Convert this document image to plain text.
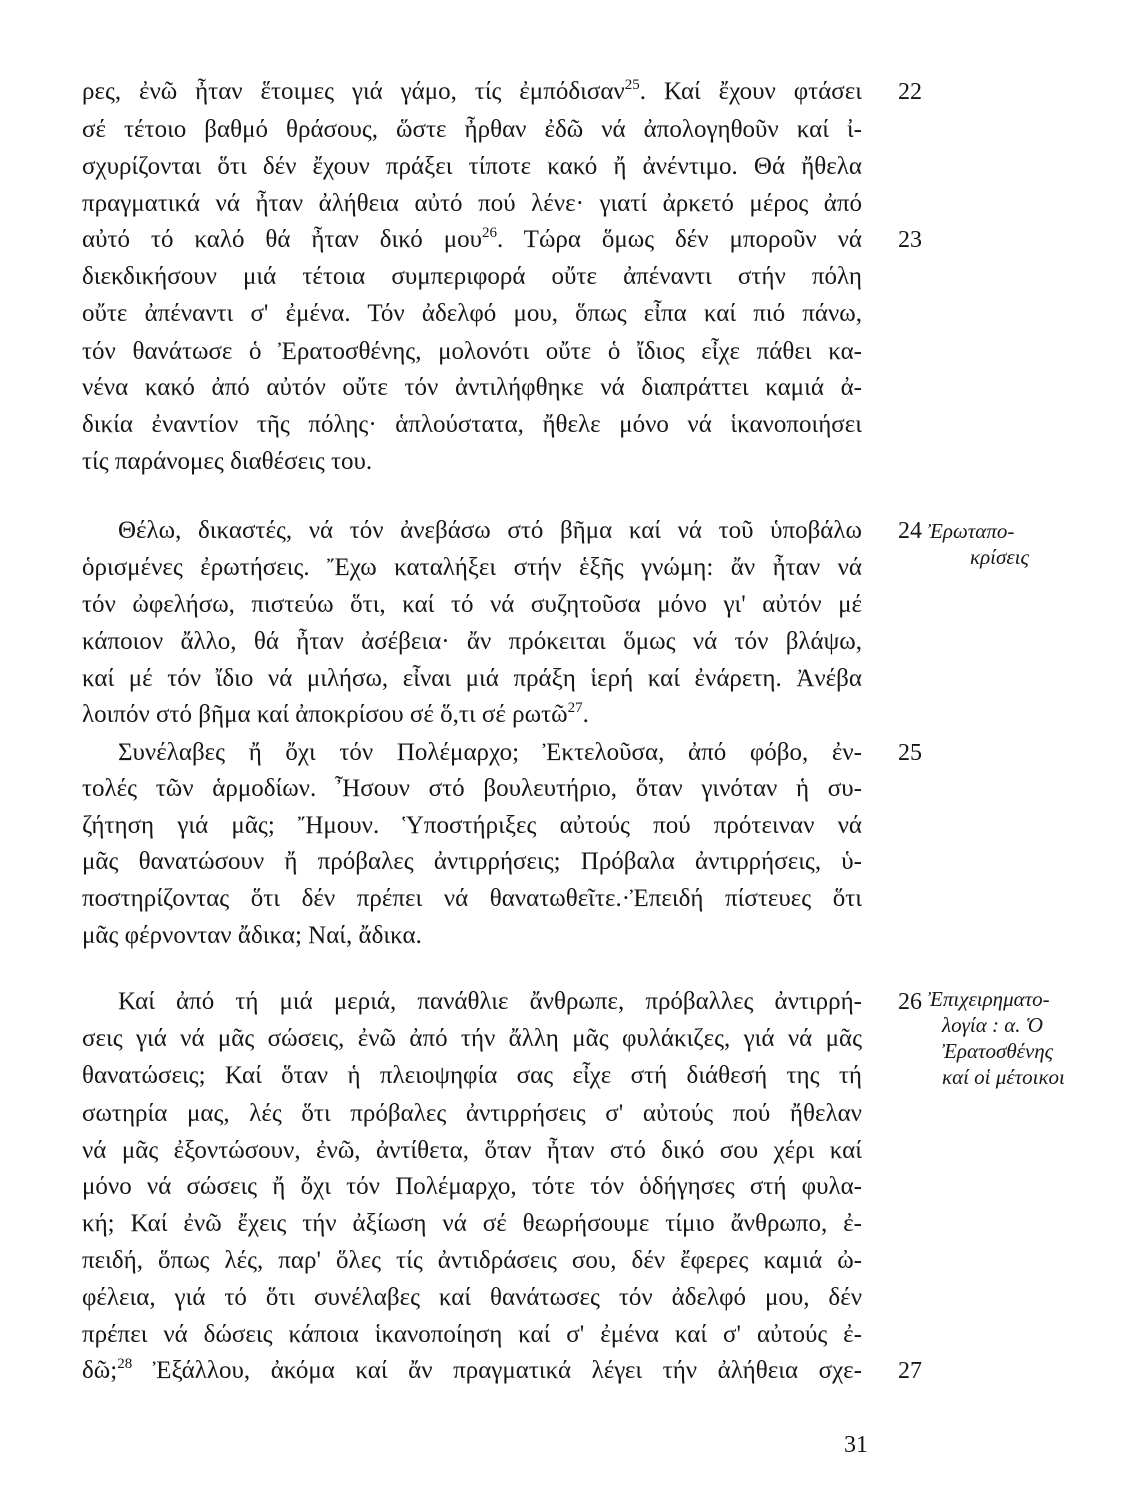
ρες, ἐνῶ ἦταν ἕτοιμες γιά γάμο, τίς ἐμπόδισαν$^{25}$. Καί ἔχουν φτάσει
σέ τέτοιο βαθμό θράσους, ὥστε ἦρθαν ἐδῶ νά ἀπολογηθοῦν καί ἰ-
σχυρίζονται ὅτι δέν ἔχουν πράξει τίποτε κακό ἤ ἀνέντιμο. Θά ἤθελα
πραγματικά νά ἦταν ἀλήθεια αὐτό πού λένε· γιατί ἀρκετό μέρος ἀπό
αὐτό τό καλό θά ἦταν δικό μου$^{26}$. Τώρα ὅμως δέν μποροῦν νά
διεκδικήσουν μιά τέτοια συμπεριφορά οὔτε ἀπέναντι στήν πόλη
οὔτε ἀπέναντι σ' ἐμένα. Τόν ἀδελφό μου, ὅπως εἶπα καί πιό πάνω,
τόν θανάτωσε ὁ Ἐρατοσθένης, μολονότι οὔτε ὁ ἴδιος εἶχε πάθει κα-
νένα κακό ἀπό αὐτόν οὔτε τόν ἀντιλήφθηκε νά διαπράττει καμιά ἀ-
δικία ἐναντίον τῆς πόλης· ἁπλούστατα, ἤθελε μόνο νά ἱκανοποιήσει
τίς παράνομες διαθέσεις του.
Θέλω, δικαστές, νά τόν ἀνεβάσω στό βῆμα καί νά τοῦ ὑποβάλω
ὁρισμένες ἐρωτήσεις. Ἔχω καταλήξει στήν ἑξῆς γνώμη: ἄν ἦταν νά
τόν ὠφελήσω, πιστεύω ὅτι, καί τό νά συζητοῦσα μόνο γι' αὐτόν μέ
κάποιον ἄλλο, θά ἦταν ἀσέβεια· ἄν πρόκειται ὅμως νά τόν βλάψω,
καί μέ τόν ἴδιο νά μιλήσω, εἶναι μιά πράξη ἱερή καί ἐνάρετη. Ἀνέβα
λοιπόν στό βῆμα καί ἀποκρίσου σέ ὅ,τι σέ ρωτῶ$^{27}$.
Συνέλαβες ἤ ὄχι τόν Πολέμαρχο; Ἐκτελοῦσα, ἀπό φόβο, ἐν-
τολές τῶν ἁρμοδίων. Ἦσουν στό βουλευτήριο, ὅταν γινόταν ἡ συ-
ζήτηση γιά μᾶς; Ἤμουν. Ὑποστήριξες αὐτούς πού πρότειναν νά
μᾶς θανατώσουν ἤ πρόβαλες ἀντιρρήσεις; Πρόβαλα ἀντιρρήσεις, ὑ-
ποστηρίζοντας ὅτι δέν πρέπει νά θανατωθεῖτε.·Ἐπειδή πίστευες ὅτι
μᾶς φέρνονταν ἄδικα; Ναί, ἄδικα.
Καί ἀπό τή μιά μεριά, πανάθλιε ἄνθρωπε, πρόβαλλες ἀντιρρή-
σεις γιά νά μᾶς σώσεις, ἐνῶ ἀπό τήν ἄλλη μᾶς φυλάκιζες, γιά νά μᾶς
θανατώσεις; Καί ὅταν ἡ πλειοψηφία σας εἶχε στή διάθεσή της τή
σωτηρία μας, λές ὅτι πρόβαλες ἀντιρρήσεις σ' αὐτούς πού ἤθελαν
νά μᾶς ἐξοντώσουν, ἐνῶ, ἀντίθετα, ὅταν ἦταν στό δικό σου χέρι καί
μόνο νά σώσεις ἤ ὄχι τόν Πολέμαρχο, τότε τόν ὁδήγησες στή φυλα-
κή; Καί ἐνῶ ἔχεις τήν ἀξίωση νά σέ θεωρήσουμε τίμιο ἄνθρωπο, ἐ-
πειδή, ὅπως λές, παρ' ὅλες τίς ἀντιδράσεις σου, δέν ἔφερες καμιά ὠ-
φέλεια, γιά τό ὅτι συνέλαβες καί θανάτωσες τόν ἀδελφό μου, δέν
πρέπει νά δώσεις κάποια ἱκανοποίηση καί σ' ἐμένα καί σ' αὐτούς ἐ-
δῶ;$^{28}$ Ἐξάλλου, ἀκόμα καί ἄν πραγματικά λέγει τήν ἀλήθεια σχε-
22
23
24
25
26
27
Ἐρωταπο-
κρίσεις
Ἐπιχειρηματο-
λογία : α. Ὁ
Ἐρατοσθένης
καί οἱ μέτοικοι
31
